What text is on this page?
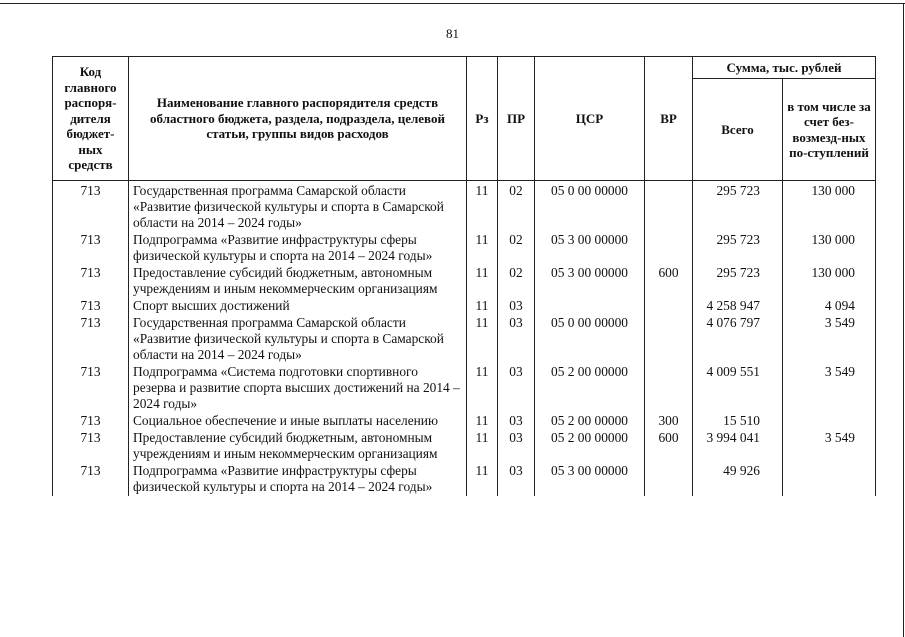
81
Код главного распоря-дителя бюджет-ных средств	Наименование главного распорядителя средств областного бюджета, раздела, подраздела, целевой статьи, группы видов расходов	Рз	ПР	ЦСР	ВР	Сумма, тыс. рублей	
						Всего	в том числе за счет без-возмезд-ных по-ступлений
713	Государственная программа Самарской области «Развитие физической культуры и спорта в Самарской области на 2014 – 2024 годы»	11	02	05 0 00 00000		295 723	130 000
713	Подпрограмма «Развитие инфраструктуры сферы физической культуры и спорта на 2014 – 2024 годы»	11	02	05 3 00 00000		295 723	130 000
713	Предоставление субсидий бюджетным, автономным учреждениям и иным некоммерческим организациям	11	02	05 3 00 00000	600	295 723	130 000
713	Спорт высших достижений	11	03			4 258 947	4 094
713	Государственная программа Самарской области «Развитие физической культуры и спорта в Самарской области на 2014 – 2024 годы»	11	03	05 0 00 00000		4 076 797	3 549
713	Подпрограмма «Система подготовки спортивного резерва и развитие спорта высших достижений на 2014 – 2024 годы»	11	03	05 2 00 00000		4 009 551	3 549
713	Социальное обеспечение и иные выплаты населению	11	03	05 2 00 00000	300	15 510	
713	Предоставление субсидий бюджетным, автономным учреждениям и иным некоммерческим организациям	11	03	05 2 00 00000	600	3 994 041	3 549
713	Подпрограмма «Развитие инфраструктуры сферы физической культуры и спорта на 2014 – 2024 годы»	11	03	05 3 00 00000		49 926	
